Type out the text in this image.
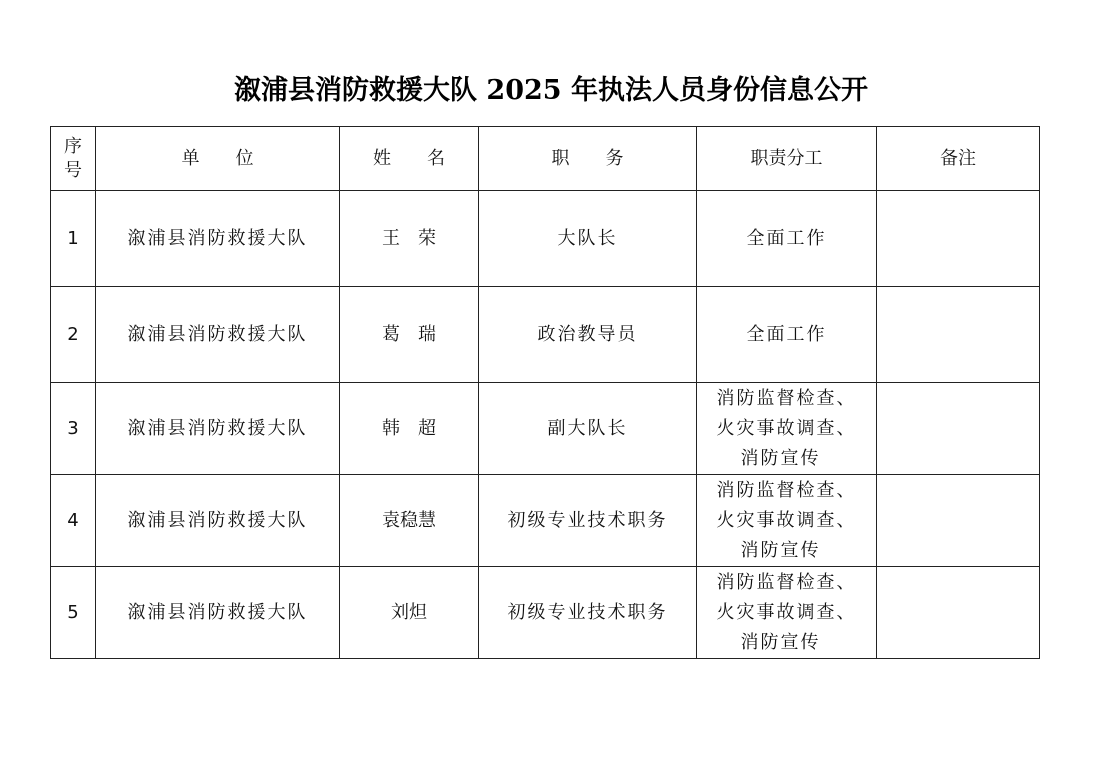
溆浦县消防救援大队 2025 年执法人员身份信息公开
序
号	单　　位	姓　　名	职　　务	职责分工	备注
1	溆浦县消防救援大队	王　荣	大队长	全面工作	

2	溆浦县消防救援大队	葛　瑞	政治教导员	全面工作	

3	溆浦县消防救援大队	韩　超	副大队长	消防监督检查、
火灾事故调查、
消防宣传	

4	溆浦县消防救援大队	袁稳慧	初级专业技术职务	消防监督检查、
火灾事故调查、
消防宣传	

5	溆浦县消防救援大队	刘炟	初级专业技术职务	消防监督检查、
火灾事故调查、
消防宣传	
